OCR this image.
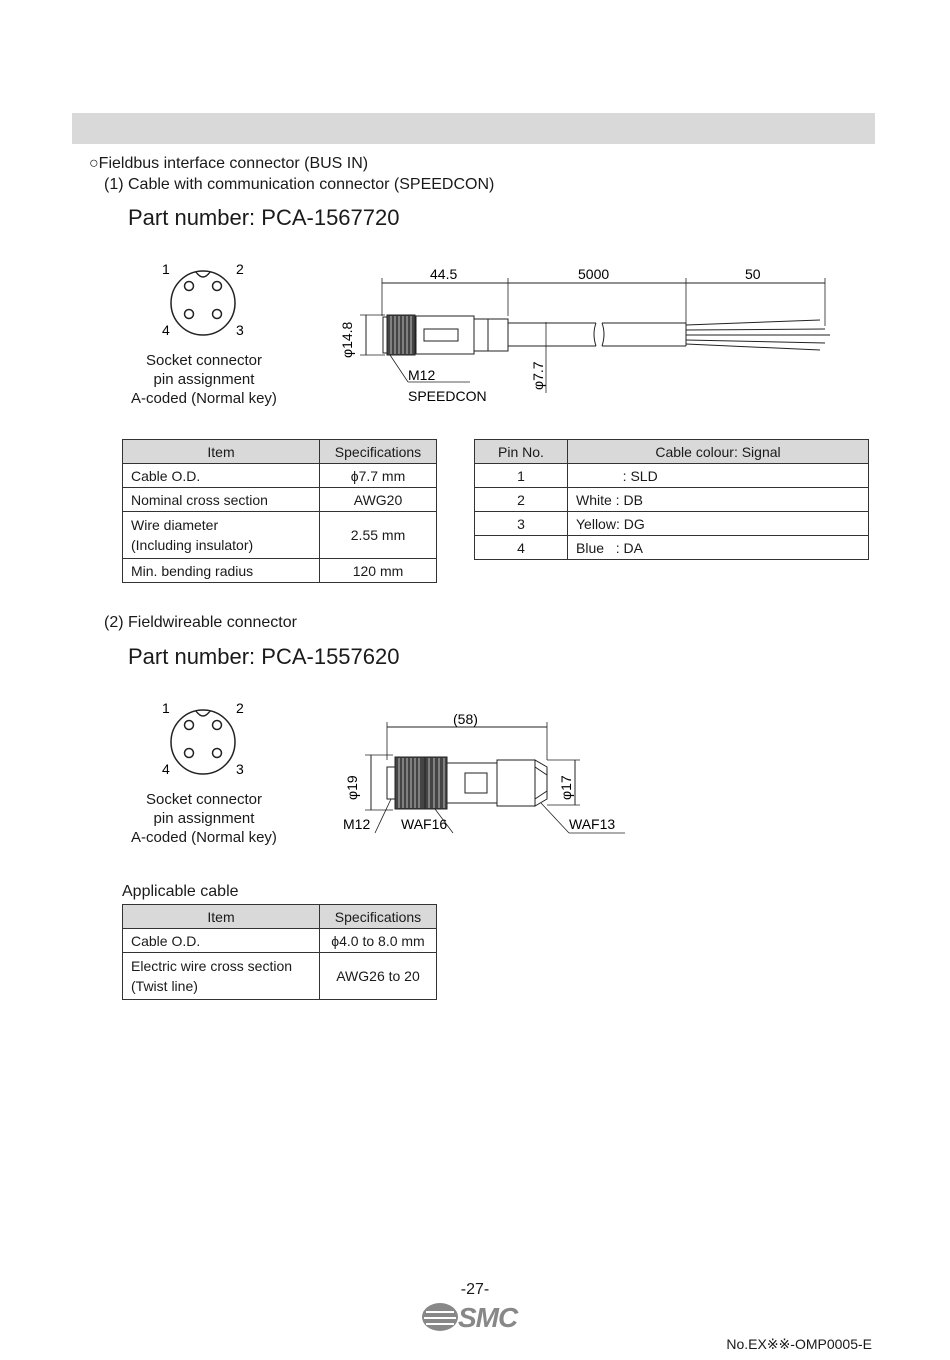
○Fieldbus interface connector (BUS IN)
(1) Cable with communication connector (SPEEDCON)
Part number: PCA-1567720
1	2
4	3
Socket connector
pin assignment
A-coded (Normal key)
44.5	5000	50
φ14.8
φ7.7
M12
SPEEDCON
Item	Specifications
Cable O.D.	ϕ7.7 mm
Nominal cross section	AWG20

Wire diameter
(Including insulator)	2.55 mm
Min. bending radius	120 mm
Pin No.	Cable colour: Signal
1	: SLD
2	White : DB
3	Yellow: DG
4	Blue   : DA
(2) Fieldwireable connector
Part number: PCA-1557620
1	2
4	3
Socket connector
pin assignment
A-coded (Normal key)
(58)
φ19	φ17
M12 WAF16	WAF13
Applicable cable
Item	Specifications
Cable O.D.	ϕ4.0 to 8.0 mm

Electric wire cross section
(Twist line)	AWG26 to 20
-27-
SMC
No.EX※※-OMP0005-E
